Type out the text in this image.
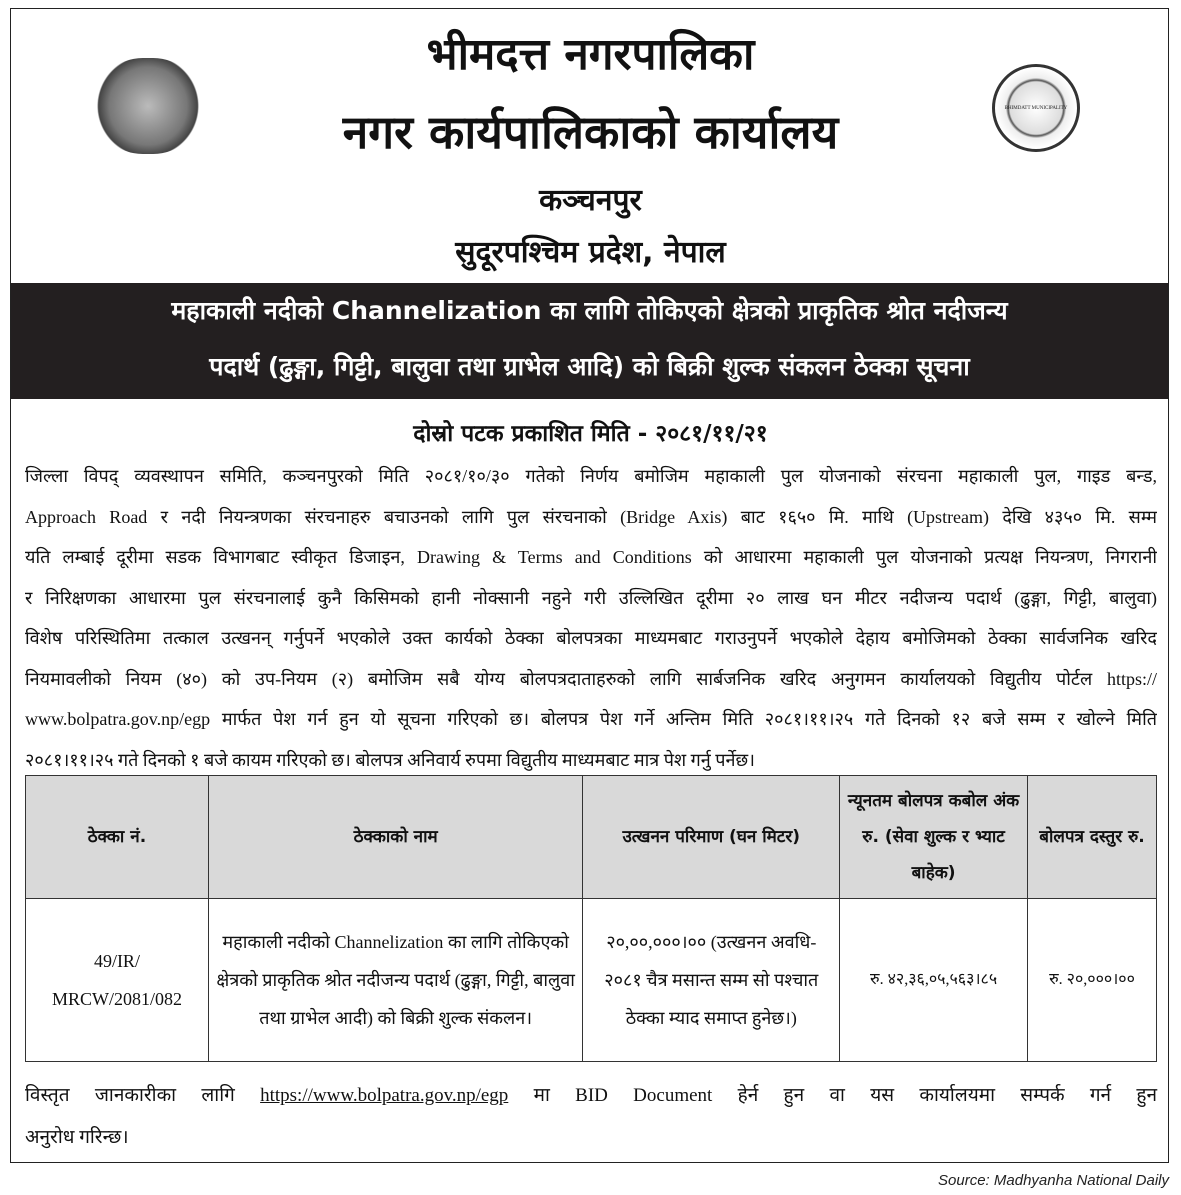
BHIMDATT MUNICIPALITY
भीमदत्त नगरपालिका
नगर कार्यपालिकाको कार्यालय
कञ्चनपुर
सुदूरपश्चिम प्रदेश, नेपाल
महाकाली नदीको Channelization का लागि तोकिएको क्षेत्रको प्राकृतिक श्रोत नदीजन्य
पदार्थ (ढुङ्गा, गिट्टी, बालुवा तथा ग्राभेल आदि) को बिक्री शुल्क संकलन ठेक्का सूचना
दोस्रो पटक प्रकाशित मिति - २०८१/११/२१
जिल्ला विपद् व्यवस्थापन समिति, कञ्चनपुरको मिति २०८१/१०/३० गतेको निर्णय बमोजिम महाकाली पुल योजनाको संरचना महाकाली पुल, गाइड बन्ड,
Approach Road र नदी नियन्त्रणका संरचनाहरु बचाउनको लागि पुल संरचनाको (Bridge Axis) बाट १६५० मि. माथि (Upstream) देखि ४३५० मि. सम्म
यति लम्बाई दूरीमा सडक विभागबाट स्वीकृत डिजाइन, Drawing & Terms and Conditions को आधारमा महाकाली पुल योजनाको प्रत्यक्ष नियन्त्रण, निगरानी
र निरिक्षणका आधारमा पुल संरचनालाई कुनै किसिमको हानी नोक्सानी नहुने गरी उल्लिखित दूरीमा २० लाख घन मीटर नदीजन्य पदार्थ (ढुङ्गा, गिट्टी, बालुवा)
विशेष परिस्थितिमा तत्काल उत्खनन् गर्नुपर्ने भएकोले उक्त कार्यको ठेक्का बोलपत्रका माध्यमबाट गराउनुपर्ने भएकोले देहाय बमोजिमको ठेक्का सार्वजनिक खरिद
नियमावलीको नियम (४०) को उप-नियम (२) बमोजिम सबै योग्य बोलपत्रदाताहरुको लागि सार्बजनिक खरिद अनुगमन कार्यालयको विद्युतीय पोर्टल https://
www.bolpatra.gov.np/egp मार्फत पेश गर्न हुन यो सूचना गरिएको छ। बोलपत्र पेश गर्ने अन्तिम मिति २०८१।११।२५ गते दिनको १२ बजे सम्म र खोल्ने मिति
२०८१।११।२५ गते दिनको १ बजे कायम गरिएको छ। बोलपत्र अनिवार्य रुपमा विद्युतीय माध्यमबाट मात्र पेश गर्नु पर्नेछ।
ठेक्का नं.	ठेक्काको नाम	उत्खनन परिमाण (घन मिटर)	न्यूनतम बोलपत्र कबोल अंक रु. (सेवा शुल्क र भ्याट बाहेक)	बोलपत्र दस्तुर रु.
49/IR/ MRCW/2081/082	महाकाली नदीको Channelization का लागि तोकिएको क्षेत्रको प्राकृतिक श्रोत नदीजन्य पदार्थ (ढुङ्गा, गिट्टी, बालुवा तथा ग्राभेल आदी) को बिक्री शुल्क संकलन।	२०,००,०००।०० (उत्खनन अवधि- २०८१ चैत्र मसान्त सम्म सो पश्चात ठेक्का म्याद समाप्त हुनेछ।)	रु. ४२,३६,०५,५६३।८५	रु. २०,०००।००
विस्तृत जानकारीका लागि https://www.bolpatra.gov.np/egp मा BID Document हेर्न हुन वा यस कार्यालयमा सम्पर्क गर्न हुन
अनुरोध गरिन्छ।
Source: Madhyanha National Daily
